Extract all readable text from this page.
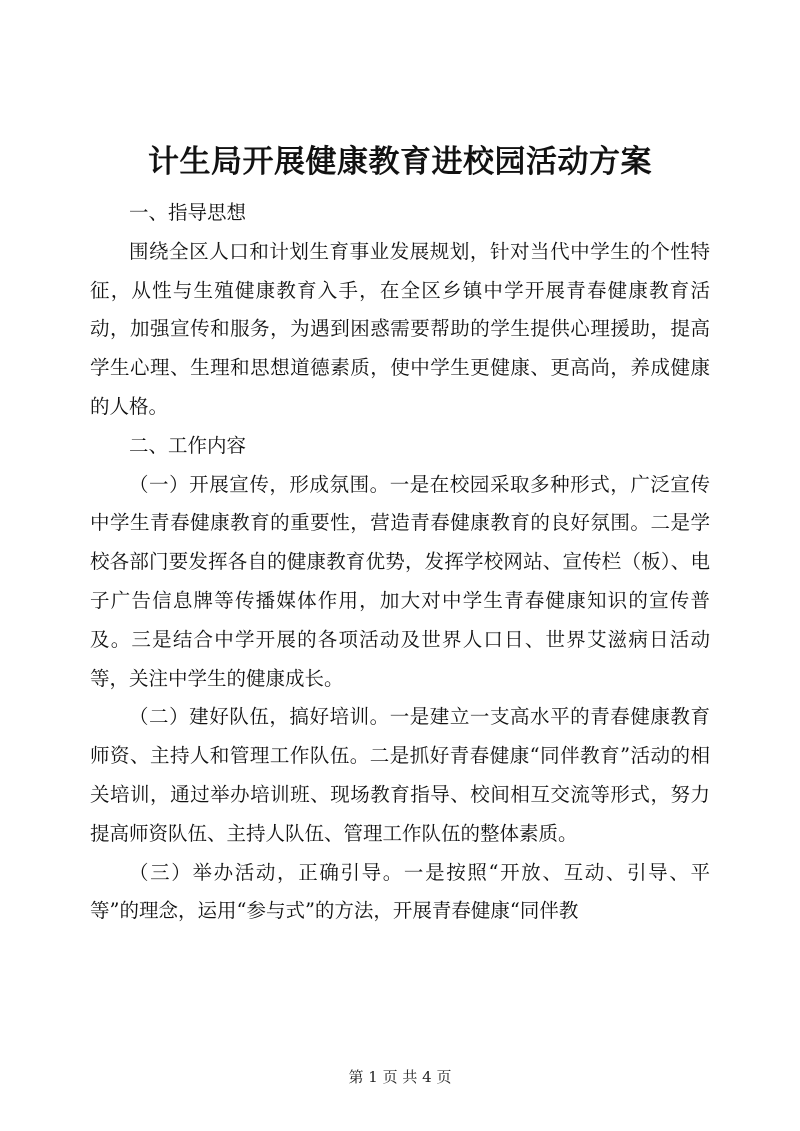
计生局开展健康教育进校园活动方案

一、指导思想

围绕全区人口和计划生育事业发展规划，针对当代中学生的个性特征，从性与生殖健康教育入手，在全区乡镇中学开展青春健康教育活动，加强宣传和服务，为遇到困惑需要帮助的学生提供心理援助，提高学生心理、生理和思想道德素质，使中学生更健康、更高尚，养成健康的人格。

二、工作内容

（一）开展宣传，形成氛围。一是在校园采取多种形式，广泛宣传中学生青春健康教育的重要性，营造青春健康教育的良好氛围。二是学校各部门要发挥各自的健康教育优势，发挥学校网站、宣传栏（板）、电子广告信息牌等传播媒体作用，加大对中学生青春健康知识的宣传普及。三是结合中学开展的各项活动及世界人口日、世界艾滋病日活动等，关注中学生的健康成长。

（二）建好队伍，搞好培训。一是建立一支高水平的青春健康教育师资、主持人和管理工作队伍。二是抓好青春健康“同伴教育”活动的相关培训，通过举办培训班、现场教育指导、校间相互交流等形式，努力提高师资队伍、主持人队伍、管理工作队伍的整体素质。

（三）举办活动，正确引导。一是按照“开放、互动、引导、平等”的理念，运用“参与式”的方法，开展青春健康“同伴教

第 1 页 共 4 页
